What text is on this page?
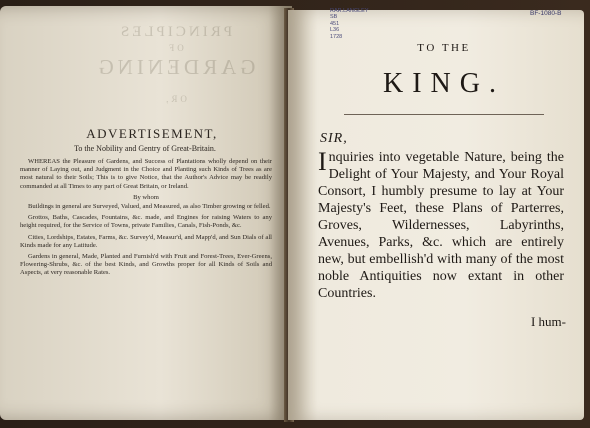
PRINCIPLES
OF
GARDENING
OR,
ADVERTISEMENT,
To the Nobility and Gentry of Great-Britain.

WHEREAS the Pleasure of Gardens, and Success of Plantations wholly depend on their manner of Laying out, and Judgment in the Choice and Planting such Kinds of Trees as are most natural to their Soils; This is to give Notice, that the Author's Advice may be readily commanded at all Times to any part of Great Britain, or Ireland.

By whom

Buildings in general are Surveyed, Valued, and Measured, as also Timber growing or felled.

Grottos, Baths, Cascades, Fountains, &c. made, and Engines for raising Waters to any height required, for the Service of Towns, private Families, Canals, Fish-Ponds, &c.

Cities, Lordships, Estates, Farms, &c. Survey'd, Measur'd, and Mapp'd, and Sun Dials of all Kinds made for any Latitude.

Gardens in general, Made, Planted and Furnish'd with Fruit and Forest-Trees, Ever-Greens, Flowering-Shrubs, &c. of the best Kinds, and Growths proper for all Kinds of Soils and Aspects, at very reasonable Rates.

TO THE
KING.
SIR,
Inquiries into vegetable Nature, being the Delight of Your Majesty, and Your Royal Consort, I humbly presume to lay at Your Majesty's Feet, these Plans of Parterres, Groves, Wildernesses, Labyrinths, Avenues, Parks, &c. which are entirely new, but embellish'd with many of the most noble Antiquities now extant in other Countries.
I hum-
RAR.LANGLEY
SB
451
L36
1728
BF-1080-B
